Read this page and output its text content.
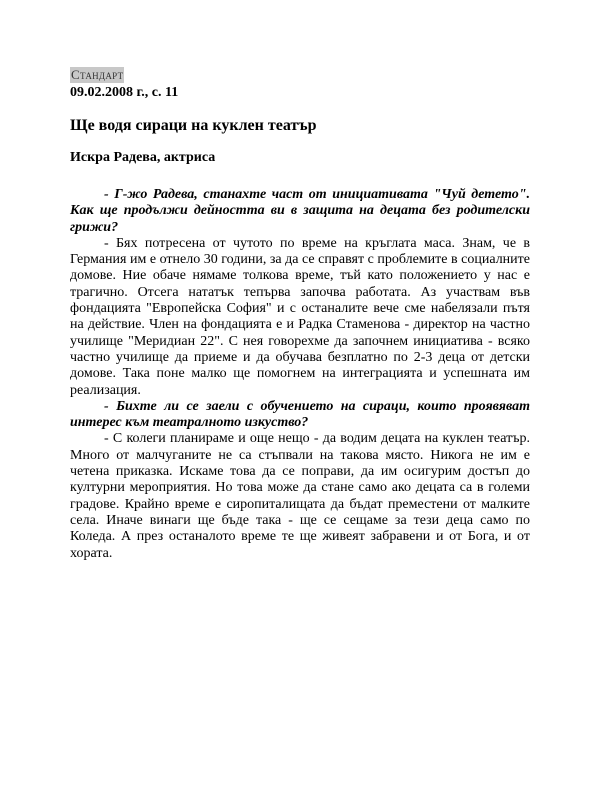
Стандарт
09.02.2008 г., с. 11
Ще водя сираци на куклен театър
Искра Радева, актриса

- Г-жо Радева, станахте част от инициативата "Чуй детето". Как ще продължи дейността ви в защита на децата без родителски грижи?

- Бях потресена от чутото по време на кръглата маса. Знам, че в Германия им е отнело 30 години, за да се справят с проблемите в социалните домове. Ние обаче нямаме толкова време, тъй като положението у нас е трагично. Отсега нататък тепърва започва работата. Аз участвам във фондацията "Европейска София" и с останалите вече сме набелязали пътя на действие. Член на фондацията е и Радка Стаменова - директор на частно училище "Меридиан 22". С нея говорехме да започнем инициатива - всяко частно училище да приеме и да обучава безплатно по 2-3 деца от детски домове. Така поне малко ще помогнем на интеграцията и успешната им реализация.

- Бихте ли се заели с обучението на сираци, които проявяват интерес към театралното изкуство?

- С колеги планираме и още нещо - да водим децата на куклен театър. Много от малчуганите не са стъпвали на такова място. Никога не им е четена приказка. Искаме това да се поправи, да им осигурим достъп до културни мероприятия. Но това може да стане само ако децата са в големи градове. Крайно време е сиропиталищата да бъдат преместени от малките села. Иначе винаги ще бъде така - ще се сещаме за тези деца само по Коледа. А през останалото време те ще живеят забравени и от Бога, и от хората.
